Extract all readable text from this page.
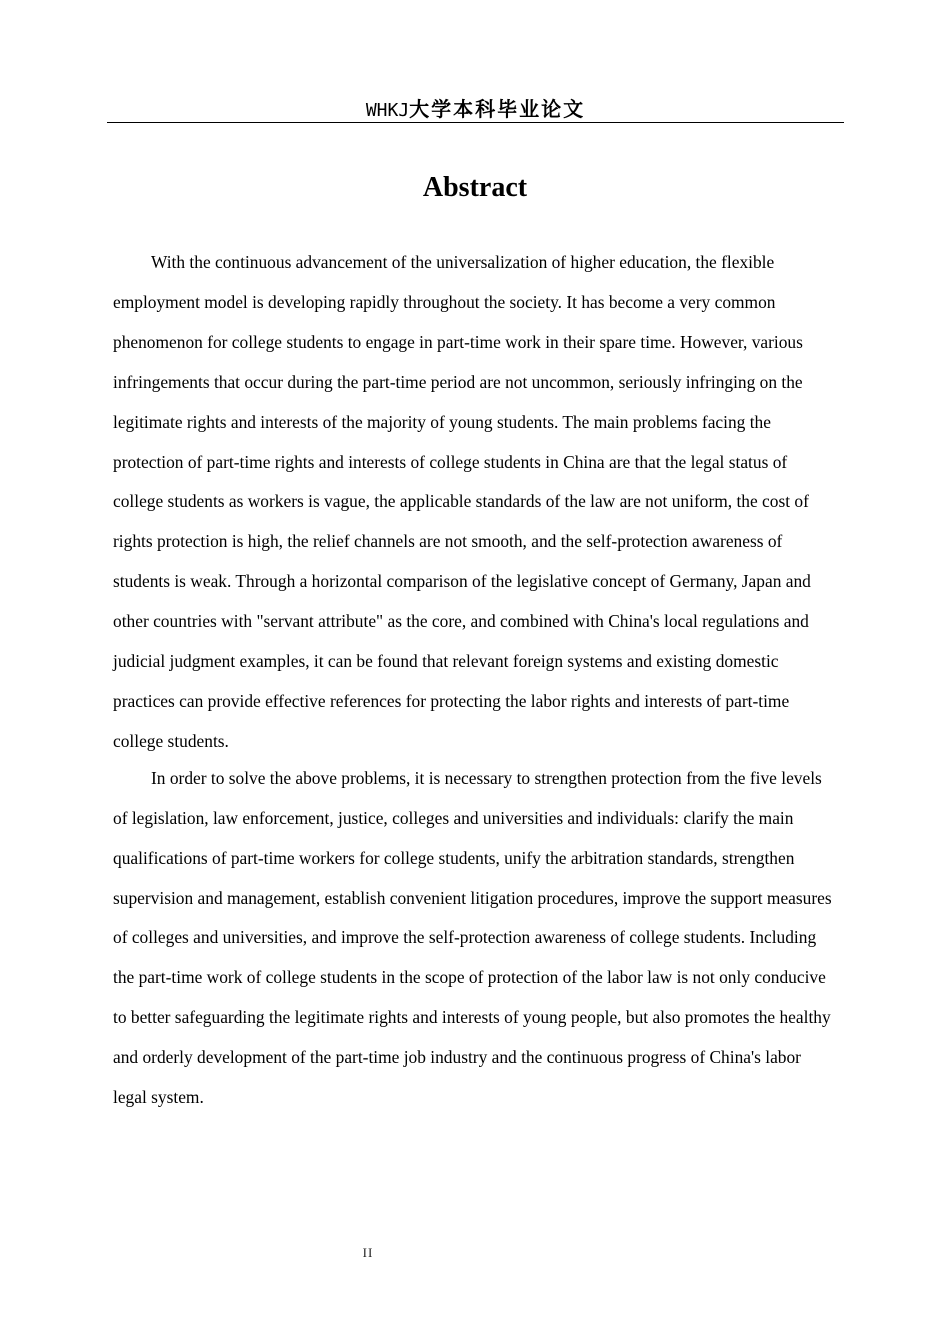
WHKJ大学本科毕业论文
Abstract

With the continuous advancement of the universalization of higher education, the flexible employment model is developing rapidly throughout the society. It has become a very common phenomenon for college students to engage in part-time work in their spare time. However, various infringements that occur during the part-time period are not uncommon, seriously infringing on the legitimate rights and interests of the majority of young students. The main problems facing the protection of part-time rights and interests of college students in China are that the legal status of college students as workers is vague, the applicable standards of the law are not uniform, the cost of rights protection is high, the relief channels are not smooth, and the self-protection awareness of students is weak. Through a horizontal comparison of the legislative concept of Germany, Japan and other countries with "servant attribute" as the core, and combined with China's local regulations and judicial judgment examples, it can be found that relevant foreign systems and existing domestic practices can provide effective references for protecting the labor rights and interests of part-time college students.

In order to solve the above problems, it is necessary to strengthen protection from the five levels of legislation, law enforcement, justice, colleges and universities and individuals: clarify the main qualifications of part-time workers for college students, unify the arbitration standards, strengthen supervision and management, establish convenient litigation procedures, improve the support measures of colleges and universities, and improve the self-protection awareness of college students. Including the part-time work of college students in the scope of protection of the labor law is not only conducive to better safeguarding the legitimate rights and interests of young people, but also promotes the healthy and orderly development of the part-time job industry and the continuous progress of China's labor legal system.

II
